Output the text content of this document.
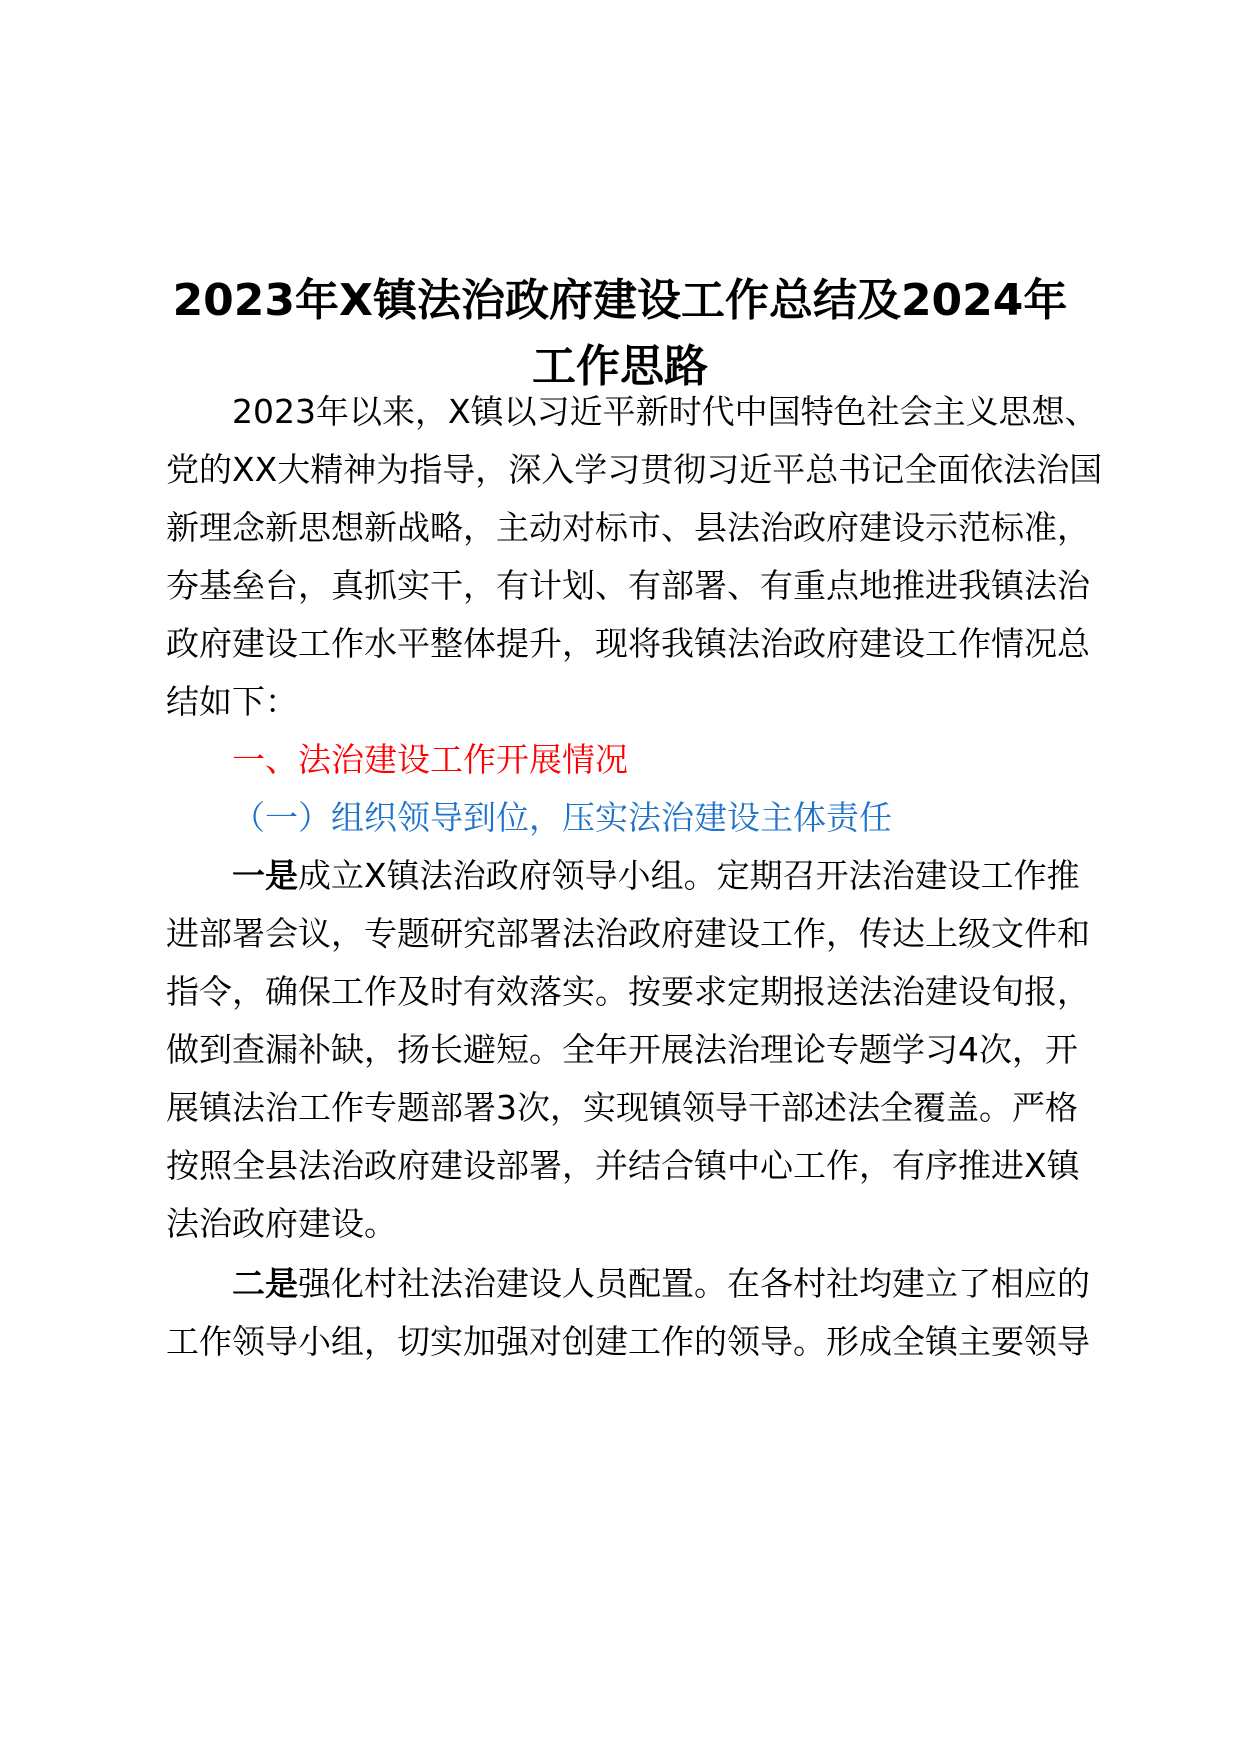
2023年X镇法治政府建设工作总结及2024年
工作思路

2023年以来，X镇以习近平新时代中国特色社会主义思想、

党的XX大精神为指导，深入学习贯彻习近平总书记全面依法治国

新理念新思想新战略，主动对标市、县法治政府建设示范标准，

夯基垒台，真抓实干，有计划、有部署、有重点地推进我镇法治

政府建设工作水平整体提升，现将我镇法治政府建设工作情况总

结如下：

一、法治建设工作开展情况

（一）组织领导到位，压实法治建设主体责任

一是成立X镇法治政府领导小组。定期召开法治建设工作推

进部署会议，专题研究部署法治政府建设工作，传达上级文件和

指令，确保工作及时有效落实。按要求定期报送法治建设旬报，

做到查漏补缺，扬长避短。全年开展法治理论专题学习4次，开

展镇法治工作专题部署3次，实现镇领导干部述法全覆盖。严格

按照全县法治政府建设部署，并结合镇中心工作，有序推进X镇

法治政府建设。

二是强化村社法治建设人员配置。在各村社均建立了相应的

工作领导小组，切实加强对创建工作的领导。形成全镇主要领导
